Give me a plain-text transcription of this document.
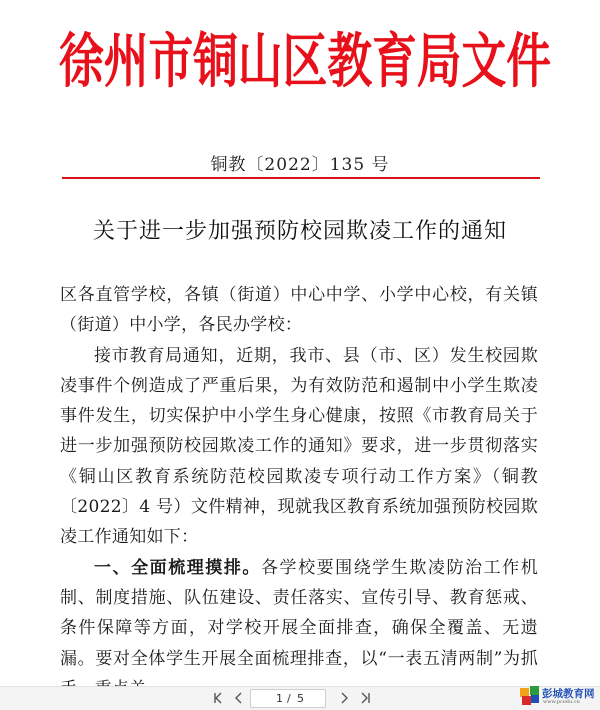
徐州市铜山区教育局文件
铜教〔2022〕135 号
关于进一步加强预防校园欺凌工作的通知

区各直管学校，各镇（街道）中心中学、小学中心校，有关镇（街道）中小学，各民办学校：

接市教育局通知，近期，我市、县（市、区）发生校园欺凌事件个例造成了严重后果，为有效防范和遏制中小学生欺凌事件发生，切实保护中小学生身心健康，按照《市教育局关于进一步加强预防校园欺凌工作的通知》要求，进一步贯彻落实《铜山区教育系统防范校园欺凌专项行动工作方案》（铜教〔2022〕4 号）文件精神，现就我区教育系统加强预防校园欺凌工作通知如下：

一、全面梳理摸排。各学校要围绕学生欺凌防治工作机制、制度措施、队伍建设、责任落实、宣传引导、教育惩戒、条件保障等方面，对学校开展全面排查，确保全覆盖、无遗漏。要对全体学生开展全面梳理排查，以“一表五清两制”为抓

1
/ 5	彭城教育网
www.pcedu.cn
